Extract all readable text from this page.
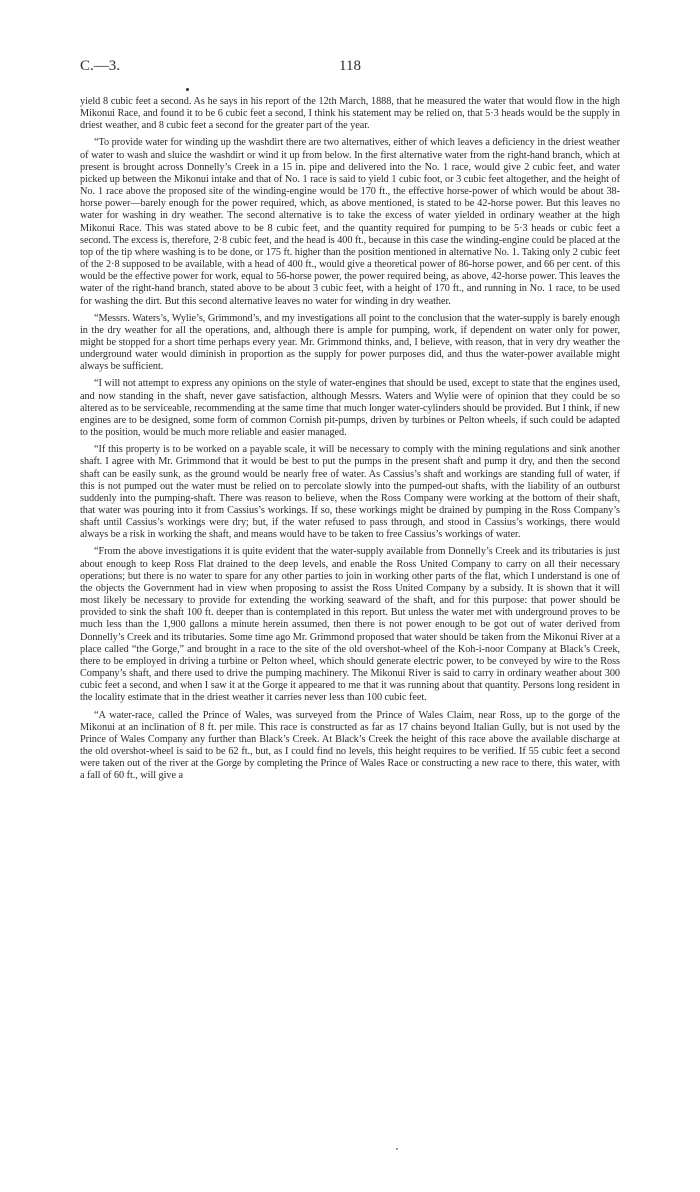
C.—3.	118

yield 8 cubic feet a second. As he says in his report of the 12th March, 1888, that he measured the water that would flow in the high Mikonui Race, and found it to be 6 cubic feet a second, I think his statement may be relied on, that 5·3 heads would be the supply in driest weather, and 8 cubic feet a second for the greater part of the year.

“To provide water for winding up the washdirt there are two alternatives, either of which leaves a deficiency in the driest weather of water to wash and sluice the washdirt or wind it up from below. In the first alternative water from the right-hand branch, which at present is brought across Donnelly’s Creek in a 15 in. pipe and delivered into the No. 1 race, would give 2 cubic feet, and water picked up between the Mikonui intake and that of No. 1 race is said to yield 1 cubic foot, or 3 cubic feet altogether, and the height of No. 1 race above the proposed site of the winding-engine would be 170 ft., the effective horse-power of which would be about 38-horse power—barely enough for the power required, which, as above mentioned, is stated to be 42-horse power. But this leaves no water for washing in dry weather. The second alternative is to take the excess of water yielded in ordinary weather at the high Mikonui Race. This was stated above to be 8 cubic feet, and the quantity required for pumping to be 5·3 heads or cubic feet a second. The excess is, therefore, 2·8 cubic feet, and the head is 400 ft., because in this case the winding-engine could be placed at the top of the tip where washing is to be done, or 175 ft. higher than the position mentioned in alternative No. 1. Taking only 2 cubic feet of the 2·8 supposed to be available, with a head of 400 ft., would give a theoretical power of 86-horse power, and 66 per cent. of this would be the effective power for work, equal to 56-horse power, the power required being, as above, 42-horse power. This leaves the water of the right-hand branch, stated above to be about 3 cubic feet, with a height of 170 ft., and running in No. 1 race, to be used for washing the dirt. But this second alternative leaves no water for winding in dry weather.

“Messrs. Waters’s, Wylie’s, Grimmond’s, and my investigations all point to the conclusion that the water-supply is barely enough in the dry weather for all the operations, and, although there is ample for pumping, work, if dependent on water only for power, might be stopped for a short time perhaps every year. Mr. Grimmond thinks, and, I believe, with reason, that in very dry weather the underground water would diminish in proportion as the supply for power purposes did, and thus the water-power available might always be sufficient.

“I will not attempt to express any opinions on the style of water-engines that should be used, except to state that the engines used, and now standing in the shaft, never gave satisfaction, although Messrs. Waters and Wylie were of opinion that they could be so altered as to be serviceable, recommending at the same time that much longer water-cylinders should be provided. But I think, if new engines are to be designed, some form of common Cornish pit-pumps, driven by turbines or Pelton wheels, if such could be adapted to the position, would be much more reliable and easier managed.

“If this property is to be worked on a payable scale, it will be necessary to comply with the mining regulations and sink another shaft. I agree with Mr. Grimmond that it would be best to put the pumps in the present shaft and pump it dry, and then the second shaft can be easily sunk, as the ground would be nearly free of water. As Cassius’s shaft and workings are standing full of water, if this is not pumped out the water must be relied on to percolate slowly into the pumped-out shafts, with the liability of an outburst suddenly into the pumping-shaft. There was reason to believe, when the Ross Company were working at the bottom of their shaft, that water was pouring into it from Cassius’s workings. If so, these workings might be drained by pumping in the Ross Company’s shaft until Cassius’s workings were dry; but, if the water refused to pass through, and stood in Cassius’s workings, there would always be a risk in working the shaft, and means would have to be taken to free Cassius’s workings of water.

“From the above investigations it is quite evident that the water-supply available from Donnelly’s Creek and its tributaries is just about enough to keep Ross Flat drained to the deep levels, and enable the Ross United Company to carry on all their necessary operations; but there is no water to spare for any other parties to join in working other parts of the flat, which I understand is one of the objects the Government had in view when proposing to assist the Ross United Company by a subsidy. It is shown that it will most likely be necessary to provide for extending the working seaward of the shaft, and for this purpose: that power should be provided to sink the shaft 100 ft. deeper than is contemplated in this report. But unless the water met with underground proves to be much less than the 1,900 gallons a minute herein assumed, then there is not power enough to be got out of water derived from Donnelly’s Creek and its tributaries. Some time ago Mr. Grimmond proposed that water should be taken from the Mikonui River at a place called “the Gorge,” and brought in a race to the site of the old overshot-wheel of the Koh-i-noor Company at Black’s Creek, there to be employed in driving a turbine or Pelton wheel, which should generate electric power, to be conveyed by wire to the Ross Company’s shaft, and there used to drive the pumping machinery. The Mikonui River is said to carry in ordinary weather about 300 cubic feet a second, and when I saw it at the Gorge it appeared to me that it was running about that quantity. Persons long resident in the locality estimate that in the driest weather it carries never less than 100 cubic feet.

“A water-race, called the Prince of Wales, was surveyed from the Prince of Wales Claim, near Ross, up to the gorge of the Mikonui at an inclination of 8 ft. per mile. This race is constructed as far as 17 chains beyond Italian Gully, but is not used by the Prince of Wales Company any further than Black’s Creek. At Black’s Creek the height of this race above the available discharge at the old overshot-wheel is said to be 62 ft., but, as I could find no levels, this height requires to be verified. If 55 cubic feet a second were taken out of the river at the Gorge by completing the Prince of Wales Race or constructing a new race to there, this water, with a fall of 60 ft., will give a
